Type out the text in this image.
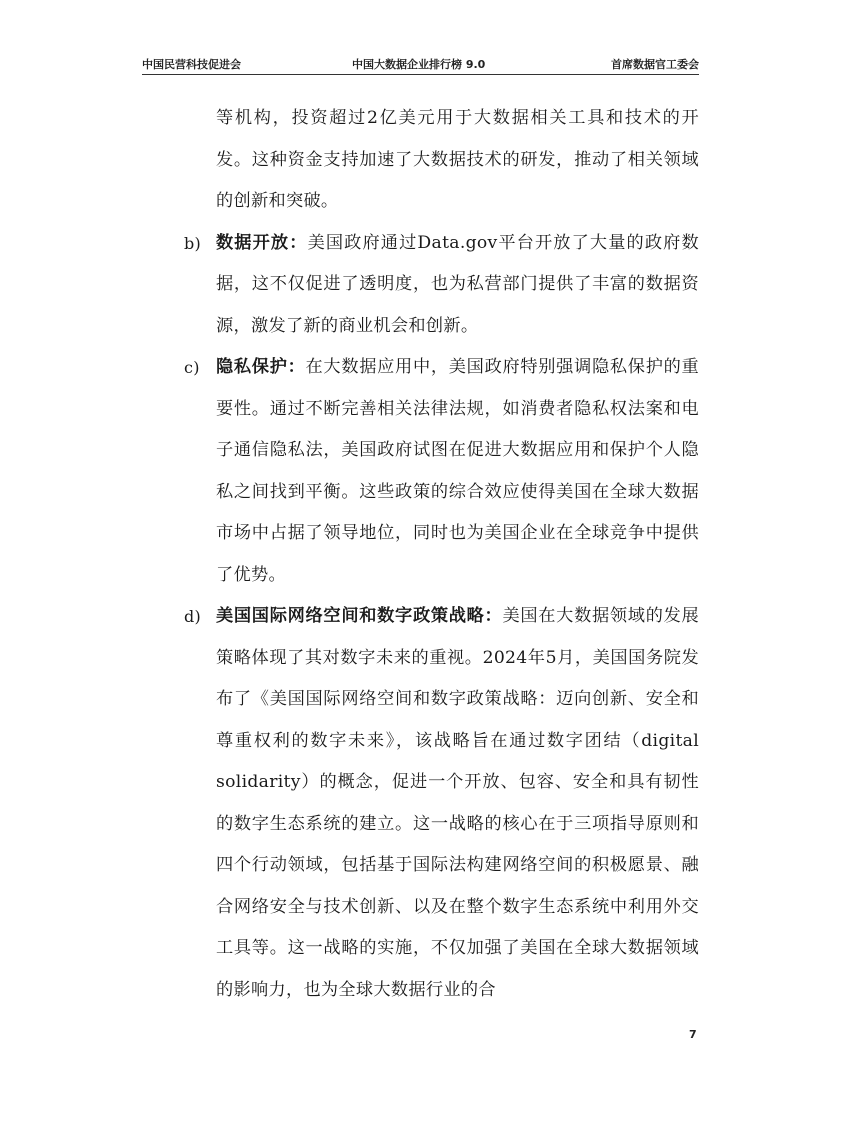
中国民营科技促进会	中国大数据企业排行榜 9.0	首席数据官工委会
等机构，投资超过2亿美元用于大数据相关工具和技术的开发。这种资金支持加速了大数据技术的研发，推动了相关领域的创新和突破。
b) 数据开放：美国政府通过Data.gov平台开放了大量的政府数据，这不仅促进了透明度，也为私营部门提供了丰富的数据资源，激发了新的商业机会和创新。
c) 隐私保护：在大数据应用中，美国政府特别强调隐私保护的重要性。通过不断完善相关法律法规，如消费者隐私权法案和电子通信隐私法，美国政府试图在促进大数据应用和保护个人隐私之间找到平衡。这些政策的综合效应使得美国在全球大数据市场中占据了领导地位，同时也为美国企业在全球竞争中提供了优势。
d) 美国国际网络空间和数字政策战略：美国在大数据领域的发展策略体现了其对数字未来的重视。2024年5月，美国国务院发布了《美国国际网络空间和数字政策战略：迈向创新、安全和尊重权利的数字未来》，该战略旨在通过数字团结（digital solidarity）的概念，促进一个开放、包容、安全和具有韧性的数字生态系统的建立。这一战略的核心在于三项指导原则和四个行动领域，包括基于国际法构建网络空间的积极愿景、融合网络安全与技术创新、以及在整个数字生态系统中利用外交工具等。这一战略的实施，不仅加强了美国在全球大数据领域的影响力，也为全球大数据行业的合
7
